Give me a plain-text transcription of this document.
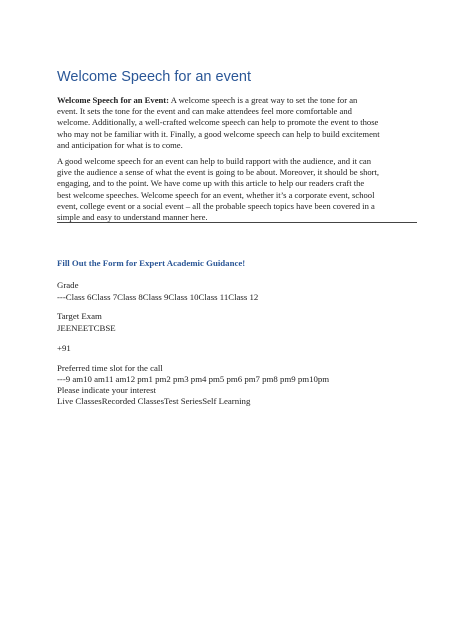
Welcome Speech for an event

Welcome Speech for an Event: A welcome speech is a great way to set the tone for an
event. It sets the tone for the event and can make attendees feel more comfortable and
welcome. Additionally, a well-crafted welcome speech can help to promote the event to those
who may not be familiar with it. Finally, a good welcome speech can help to build excitement
and anticipation for what is to come.

A good welcome speech for an event can help to build rapport with the audience, and it can
give the audience a sense of what the event is going to be about. Moreover, it should be short,
engaging, and to the point. We have come up with this article to help our readers craft the
best welcome speeches. Welcome speech for an event, whether it’s a corporate event, school
event, college event or a social event – all the probable speech topics have been covered in a
simple and easy to understand manner here.

Fill Out the Form for Expert Academic Guidance!

Grade

---Class 6Class 7Class 8Class 9Class 10Class 11Class 12

Target Exam

JEENEETCBSE

+91

Preferred time slot for the call

---9 am10 am11 am12 pm1 pm2 pm3 pm4 pm5 pm6 pm7 pm8 pm9 pm10pm

Please indicate your interest

Live ClassesRecorded ClassesTest SeriesSelf Learning
